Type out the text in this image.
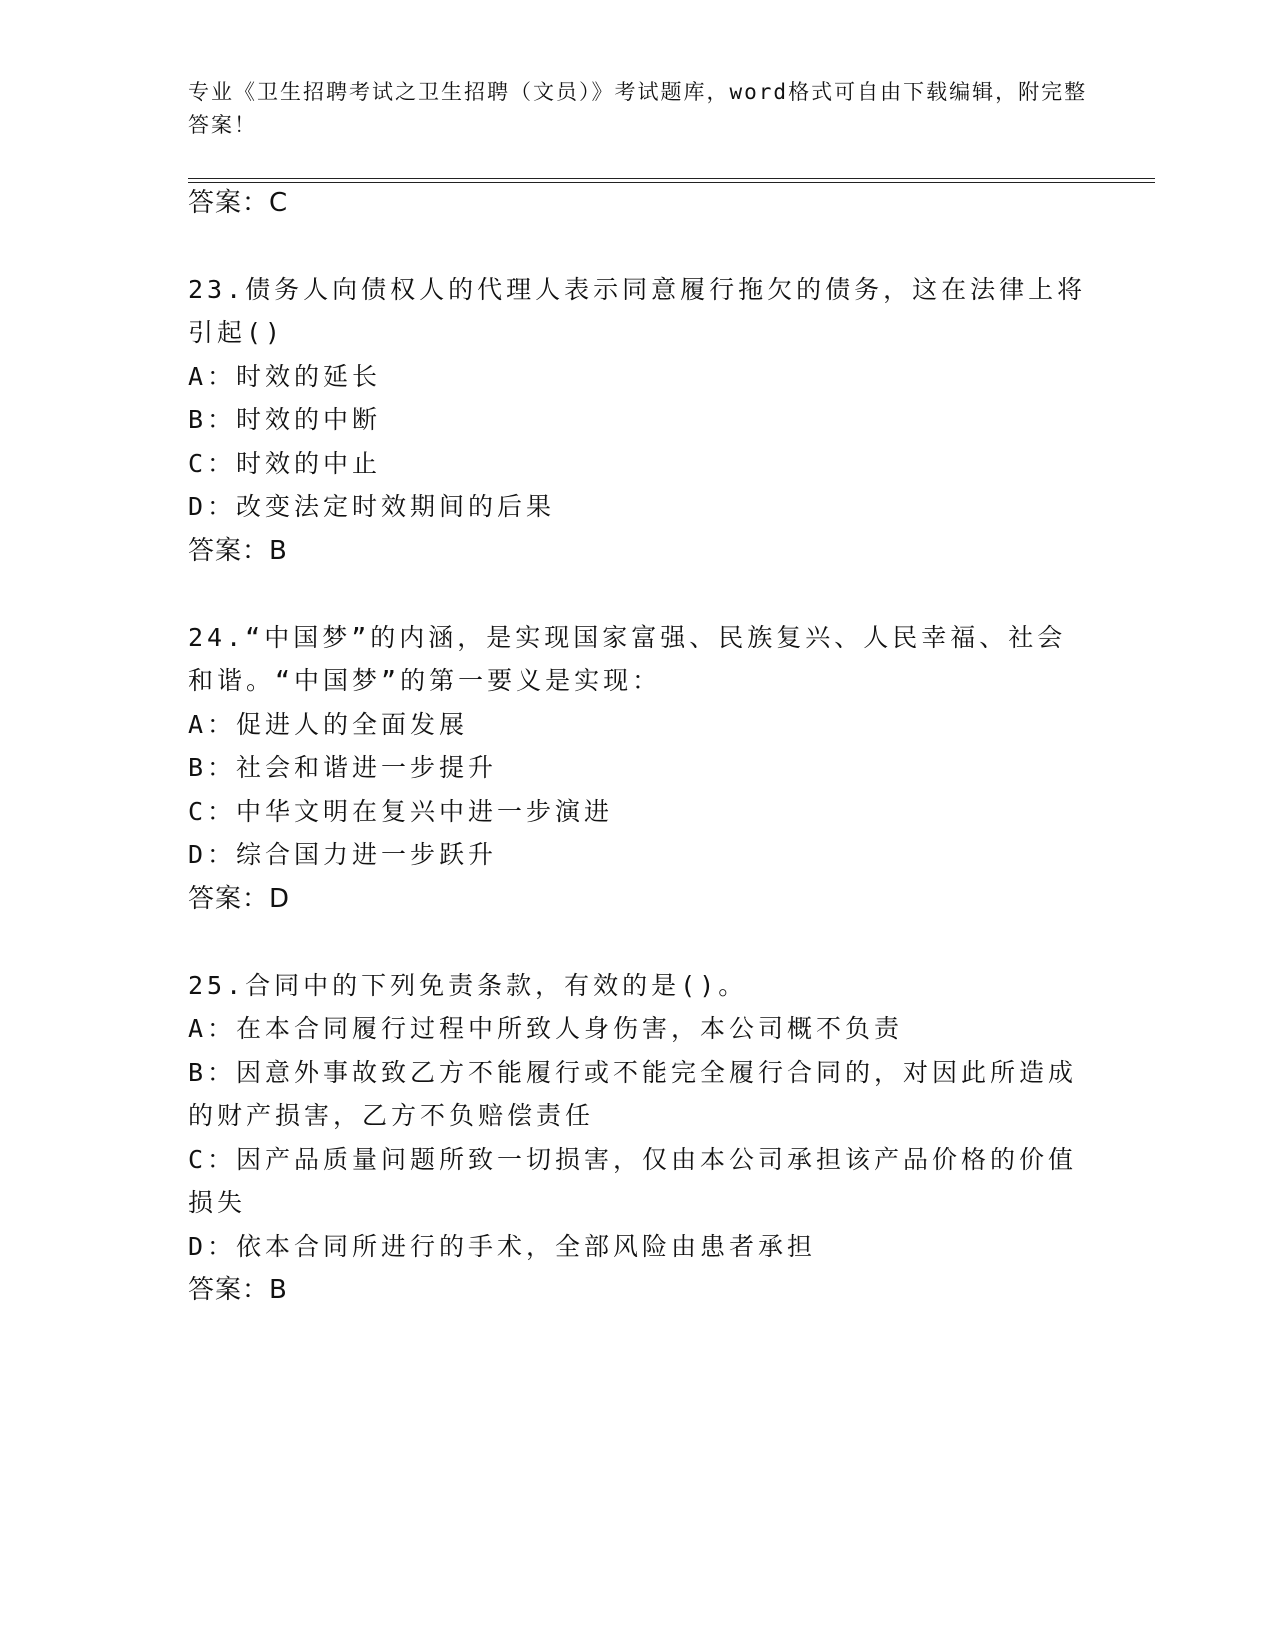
专业《卫生招聘考试之卫生招聘（文员）》考试题库，word格式可自由下载编辑，附完整答案！
答案：C
23.债务人向债权人的代理人表示同意履行拖欠的债务，这在法律上将
引起()
A：时效的延长
B：时效的中断
C：时效的中止
D：改变法定时效期间的后果
答案：B
24.“中国梦”的内涵，是实现国家富强、民族复兴、人民幸福、社会
和谐。“中国梦”的第一要义是实现：
A：促进人的全面发展
B：社会和谐进一步提升
C：中华文明在复兴中进一步演进
D：综合国力进一步跃升
答案：D
25.合同中的下列免责条款，有效的是()。
A：在本合同履行过程中所致人身伤害，本公司概不负责
B：因意外事故致乙方不能履行或不能完全履行合同的，对因此所造成
的财产损害，乙方不负赔偿责任
C：因产品质量问题所致一切损害，仅由本公司承担该产品价格的价值
损失
D：依本合同所进行的手术，全部风险由患者承担
答案：B
